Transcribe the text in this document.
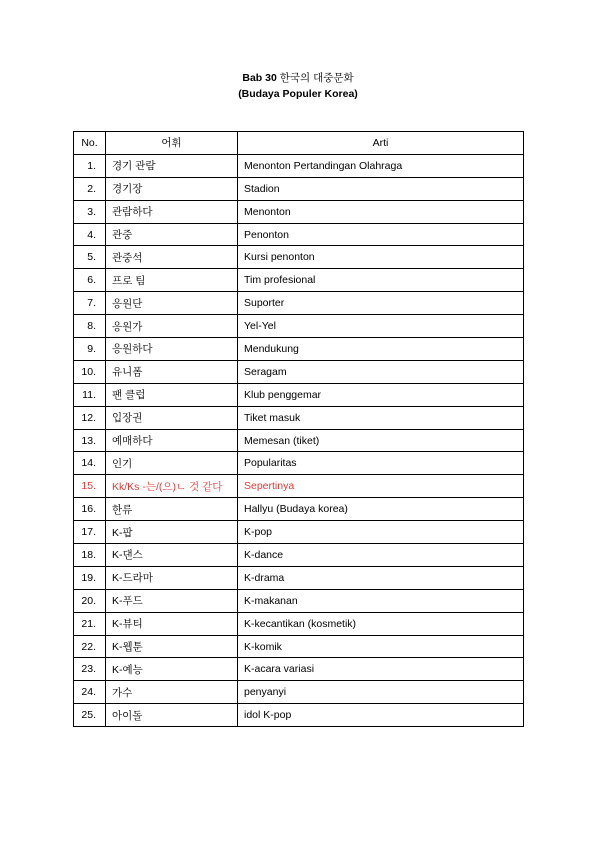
Bab 30 한국의 대중문화
(Budaya Populer Korea)
No.	어휘	Arti
1.	경기 관람	Menonton Pertandingan Olahraga
2.	경기장	Stadion
3.	관람하다	Menonton
4.	관중	Penonton
5.	관중석	Kursi penonton
6.	프로 팀	Tim profesional
7.	응원단	Suporter
8.	응원가	Yel-Yel
9.	응원하다	Mendukung
10.	유니폼	Seragam
11.	팬 클럽	Klub penggemar
12.	입장권	Tiket masuk
13.	예매하다	Memesan (tiket)
14.	인기	Popularitas
15.	Kk/Ks -는/(으)ㄴ 것 같다	Sepertinya
16.	한류	Hallyu (Budaya korea)
17.	K-팝	K-pop
18.	K-댄스	K-dance
19.	K-드라마	K-drama
20.	K-푸드	K-makanan
21.	K-뷰티	K-kecantikan (kosmetik)
22.	K-웹툰	K-komik
23.	K-예능	K-acara variasi
24.	가수	penyanyi
25.	아이돌	idol K-pop
